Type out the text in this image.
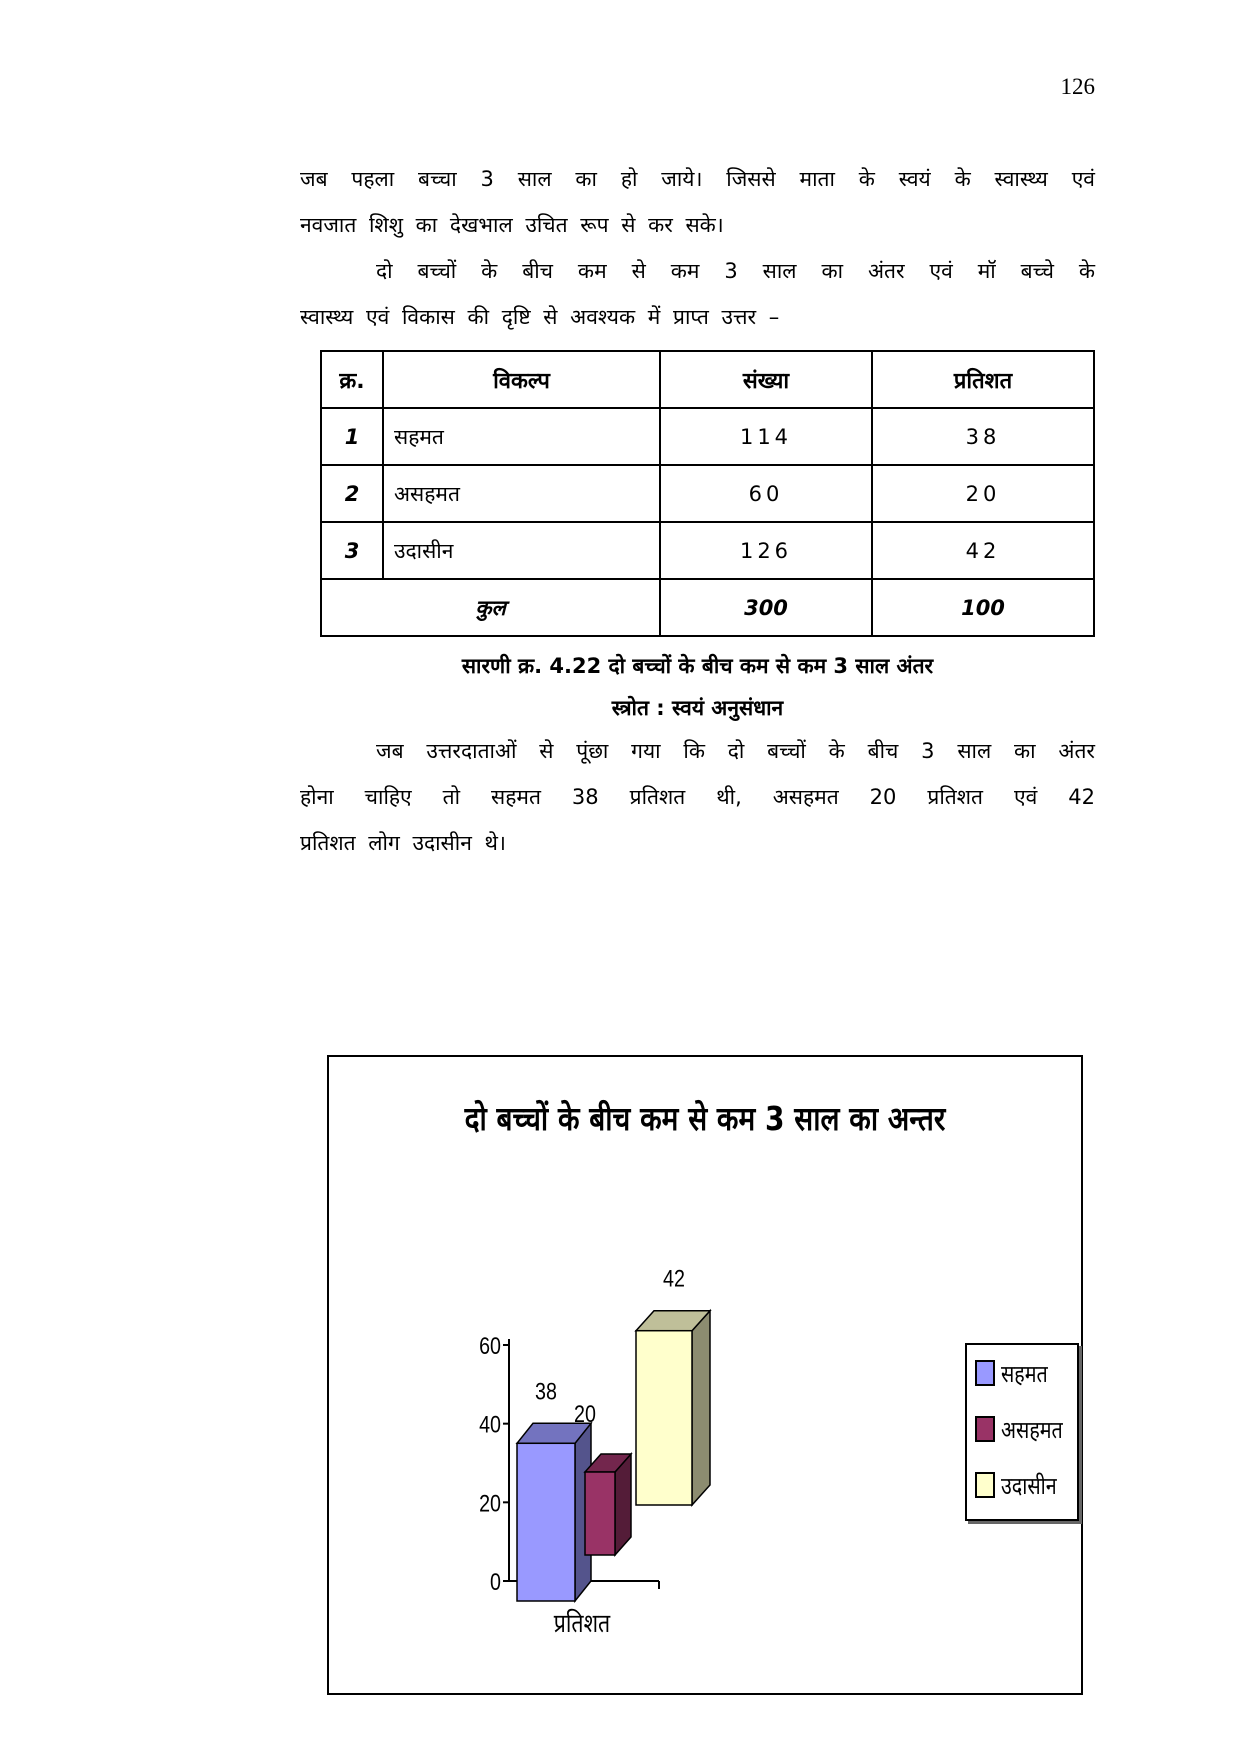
126
जब पहला बच्चा 3 साल का हो जाये। जिससे माता के स्वयं के स्वास्थ्य एवं
नवजात शिशु का देखभाल उचित रूप से कर सके।
दो बच्चों के बीच कम से कम 3 साल का अंतर एवं मॉ बच्चे के
स्वास्थ्य एवं विकास की दृष्टि से अवश्यक में प्राप्त उत्तर –
क्र.	विकल्प	संख्या	प्रतिशत
1	सहमत	114	38
2	असहमत	60	20
3	उदासीन	126	42
कुल		300	100
सारणी क्र. 4.22 दो बच्चों के बीच कम से कम 3 साल अंतर
स्त्रोत : स्वयं अनुसंधान
जब उत्तरदाताओं से पूंछा गया कि दो बच्चों के बीच 3 साल का अंतर
होना चाहिए तो सहमत 38 प्रतिशत थी, असहमत 20 प्रतिशत एवं 42
प्रतिशत लोग उदासीन थे।
दो बच्चों के बीच कम से कम 3 साल का अन्तर
0
20
40
60
प्रतिशत
38
20
42
सहमत
असहमत
उदासीन
